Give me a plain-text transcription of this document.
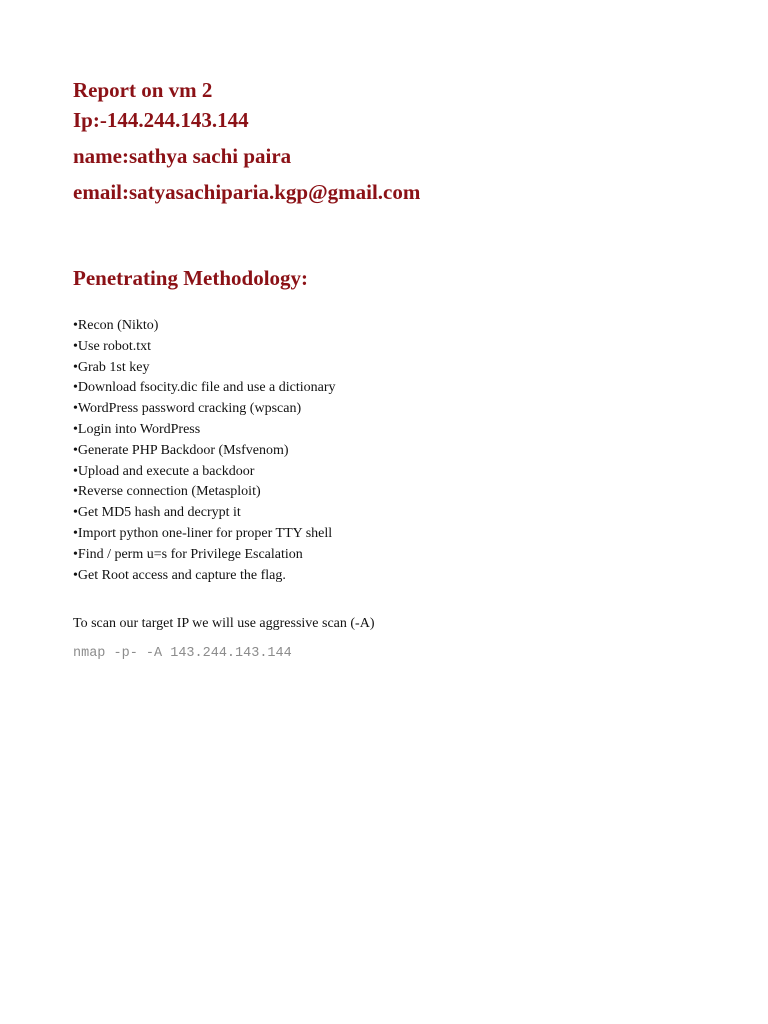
Report on vm 2

Ip:-144.244.143.144

name:sathya sachi paira

email:satyasachiparia.kgp@gmail.com

Penetrating Methodology:
•Recon (Nikto)
•Use robot.txt
•Grab 1st key
•Download fsocity.dic file and use a dictionary
•WordPress password cracking (wpscan)
•Login into WordPress
•Generate PHP Backdoor (Msfvenom)
•Upload and execute a backdoor
•Reverse connection (Metasploit)
•Get MD5 hash and decrypt it
•Import python one-liner for proper TTY shell
•Find / perm u=s for Privilege Escalation
•Get Root access and capture the flag.

To scan our target IP we will use aggressive scan (-A)

nmap -p- -A 143.244.143.144
